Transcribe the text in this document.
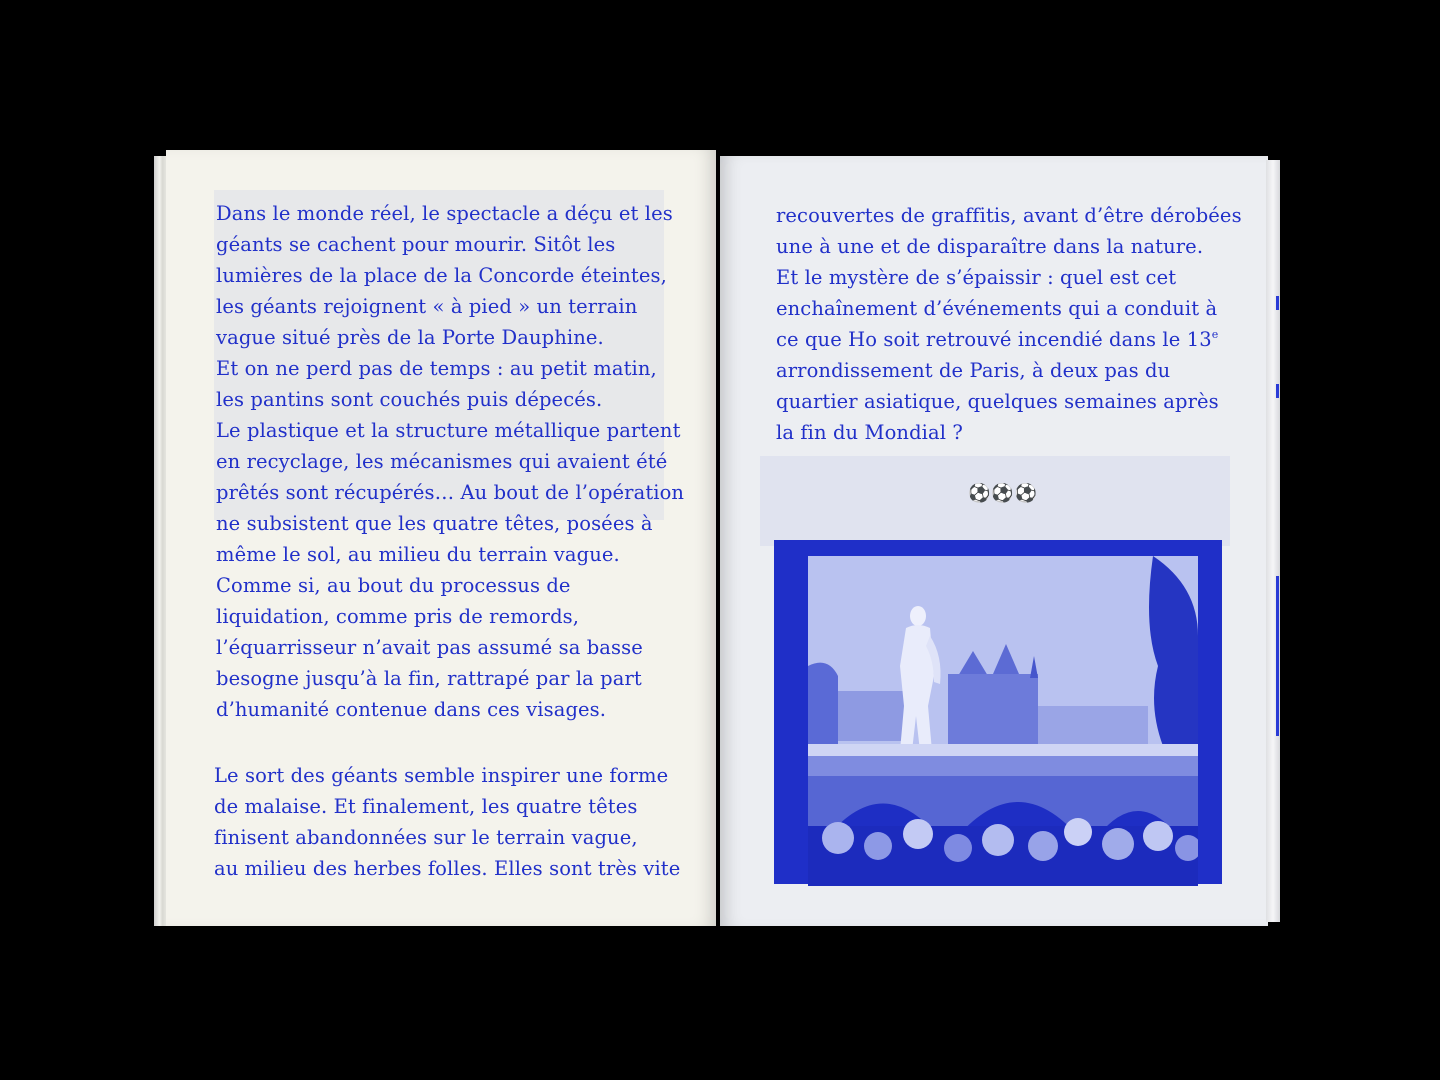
Dans le monde réel, le spectacle a déçu et les
géants se cachent pour mourir. Sitôt les
lumières de la place de la Concorde éteintes,
les géants rejoignent « à pied » un terrain
vague situé près de la Porte Dauphine.
Et on ne perd pas de temps : au petit matin,
les pantins sont couchés puis dépecés.
Le plastique et la structure métallique partent
en recyclage, les mécanismes qui avaient été
prêtés sont récupérés… Au bout de l’opération
ne subsistent que les quatre têtes, posées à
même le sol, au milieu du terrain vague.
Comme si, au bout du processus de
liquidation, comme pris de remords,
l’équarrisseur n’avait pas assumé sa basse
besogne jusqu’à la fin, rattrapé par la part
d’humanité contenue dans ces visages.
Le sort des géants semble inspirer une forme
de malaise. Et finalement, les quatre têtes
finisent abandonnées sur le terrain vague,
au milieu des herbes folles. Elles sont très vite
recouvertes de graffitis, avant d’être dérobées
une à une et de disparaître dans la nature.
Et le mystère de s’épaissir : quel est cet
enchaînement d’événements qui a conduit à
ce que Ho soit retrouvé incendié dans le 13e
arrondissement de Paris, à deux pas du
quartier asiatique, quelques semaines après
la fin du Mondial ?
⚽⚽⚽
